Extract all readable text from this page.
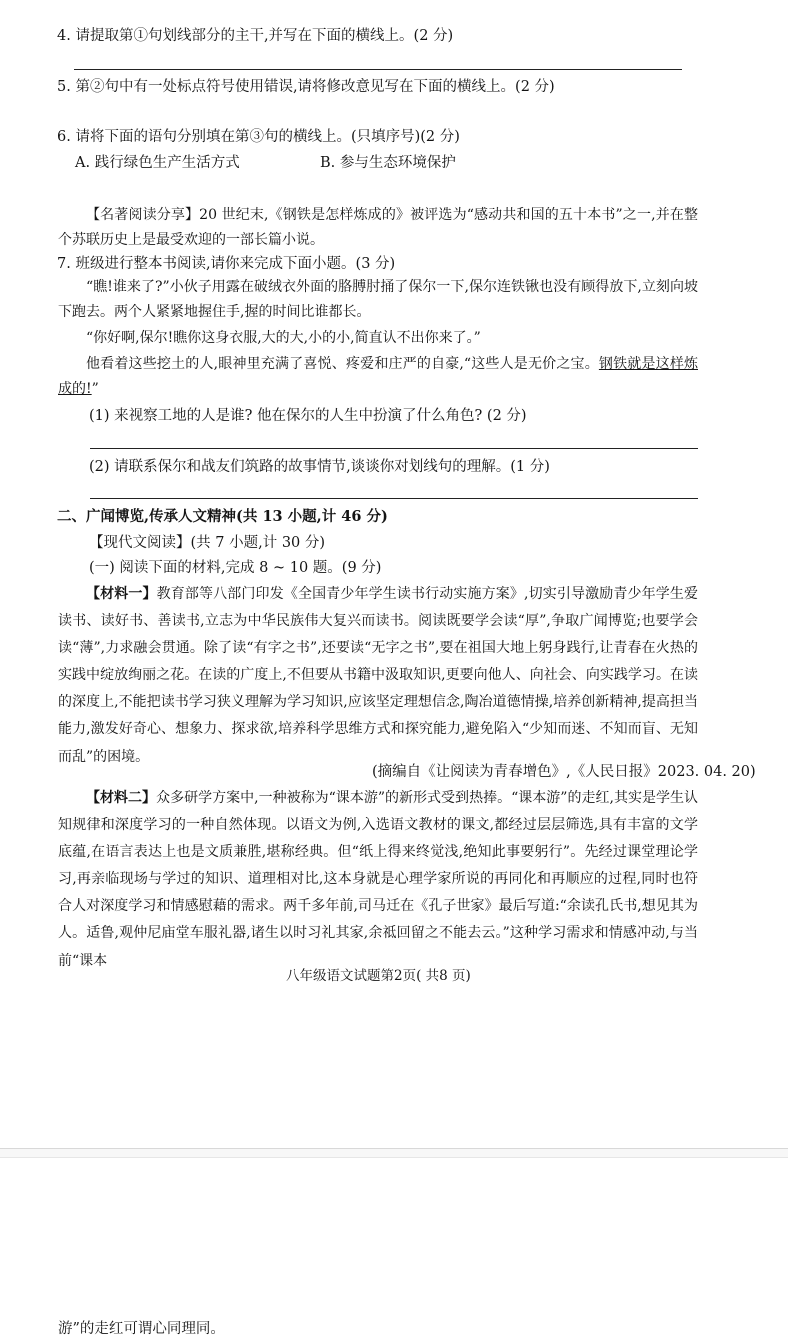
4. 请提取第①句划线部分的主干,并写在下面的横线上。(2 分)
5. 第②句中有一处标点符号使用错误,请将修改意见写在下面的横线上。(2 分)
6. 请将下面的语句分别填在第③句的横线上。(只填序号)(2 分)
A. 践行绿色生产生活方式	B. 参与生态环境保护
【名著阅读分享】20 世纪末,《钢铁是怎样炼成的》被评选为“感动共和国的五十本书”之一,并在整个苏联历史上是最受欢迎的一部长篇小说。
7. 班级进行整本书阅读,请你来完成下面小题。(3 分)
“瞧!谁来了?”小伙子用露在破绒衣外面的胳膊肘捅了保尔一下,保尔连铁锹也没有顾得放下,立刻向坡下跑去。两个人紧紧地握住手,握的时间比谁都长。
“你好啊,保尔!瞧你这身衣服,大的大,小的小,简直认不出你来了。”
他看着这些挖土的人,眼神里充满了喜悦、疼爱和庄严的自豪,“这些人是无价之宝。钢铁就是这样炼成的!”
(1) 来视察工地的人是谁? 他在保尔的人生中扮演了什么角色? (2 分)
(2) 请联系保尔和战友们筑路的故事情节,谈谈你对划线句的理解。(1 分)
二、广闻博览,传承人文精神(共 13 小题,计 46 分)
【现代文阅读】(共 7 小题,计 30 分)
(一) 阅读下面的材料,完成 8 ~ 10 题。(9 分)
【材料一】教育部等八部门印发《全国青少年学生读书行动实施方案》,切实引导激励青少年学生爱读书、读好书、善读书,立志为中华民族伟大复兴而读书。阅读既要学会读“厚”,争取广闻博览;也要学会读“薄”,力求融会贯通。除了读“有字之书”,还要读“无字之书”,要在祖国大地上躬身践行,让青春在火热的实践中绽放绚丽之花。在读的广度上,不但要从书籍中汲取知识,更要向他人、向社会、向实践学习。在读的深度上,不能把读书学习狭义理解为学习知识,应该坚定理想信念,陶冶道德情操,培养创新精神,提高担当能力,激发好奇心、想象力、探求欲,培养科学思维方式和探究能力,避免陷入“少知而迷、不知而盲、无知而乱”的困境。
(摘编自《让阅读为青春增色》,《人民日报》2023. 04. 20)
【材料二】众多研学方案中,一种被称为“课本游”的新形式受到热捧。“课本游”的走红,其实是学生认知规律和深度学习的一种自然体现。以语文为例,入选语文教材的课文,都经过层层筛选,具有丰富的文学底蕴,在语言表达上也是文质兼胜,堪称经典。但“纸上得来终觉浅,绝知此事要躬行”。先经过课堂理论学习,再亲临现场与学过的知识、道理相对比,这本身就是心理学家所说的再同化和再顺应的过程,同时也符合人对深度学习和情感慰藉的需求。两千多年前,司马迁在《孔子世家》最后写道:“余读孔氏书,想见其为人。适鲁,观仲尼庙堂车服礼器,诸生以时习礼其家,余祗回留之不能去云。”这种学习需求和情感冲动,与当前“课本
八年级语文试题第2页( 共8 页)
游”的走红可谓心同理同。
